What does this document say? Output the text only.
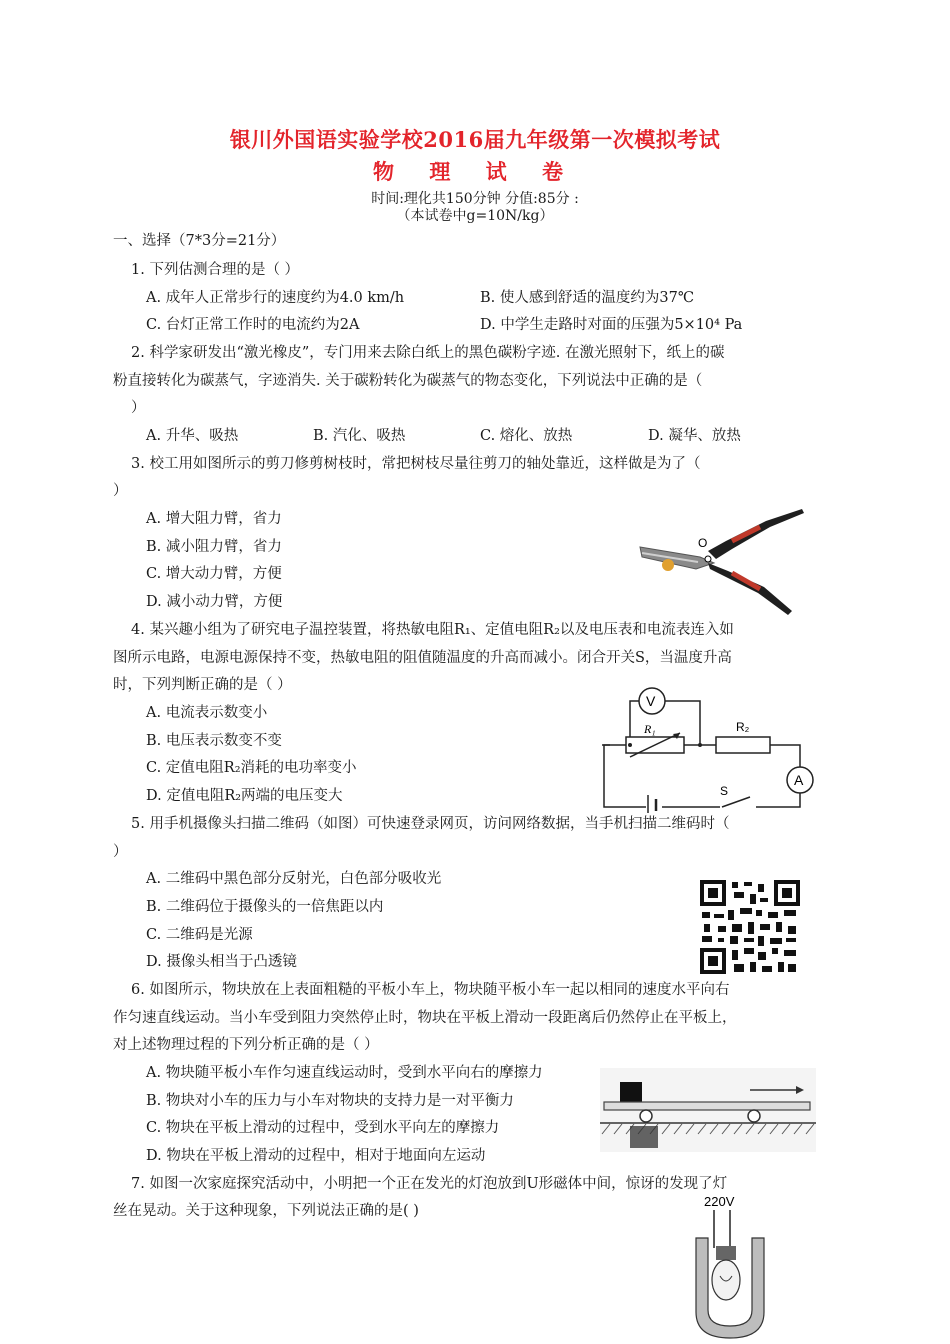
银川外国语实验学校2016届九年级第一次模拟考试
物 理 试 卷
时间:理化共150分钟 分值:85分 :
（本试卷中g=10N/kg）
一、选择（7*3分=21分）
1. 下列估测合理的是（ ）
A. 成年人正常步行的速度约为4.0 km/h	B. 使人感到舒适的温度约为37℃
C. 台灯正常工作时的电流约为2A	D. 中学生走路时对面的压强为5×10⁴ Pa
2. 科学家研发出“激光橡皮”，专门用来去除白纸上的黑色碳粉字迹. 在激光照射下，纸上的碳
粉直接转化为碳蒸气，字迹消失. 关于碳粉转化为碳蒸气的物态变化，下列说法中正确的是（
）
A. 升华、吸热	B. 汽化、吸热	C. 熔化、放热	D. 凝华、放热
3. 校工用如图所示的剪刀修剪树枝时，常把树枝尽量往剪刀的轴处靠近，这样做是为了（
）
A. 增大阻力臂，省力
B. 减小阻力臂，省力
C. 增大动力臂，方便
D. 减小动力臂，方便
O
4. 某兴趣小组为了研究电子温控装置，将热敏电阻R₁、定值电阻R₂以及电压表和电流表连入如
图所示电路，电源电源保持不变，热敏电阻的阻值随温度的升高而减小。闭合开关S，当温度升高
时，下列判断正确的是（ ）
A. 电流表示数变小
B. 电压表示数变不变
C. 定值电阻R₂消耗的电功率变小
D. 定值电阻R₂两端的电压变大
V
R₁	R₂
A
S
5. 用手机摄像头扫描二维码（如图）可快速登录网页，访问网络数据，当手机扫描二维码时（
）
A. 二维码中黑色部分反射光，白色部分吸收光
B. 二维码位于摄像头的一倍焦距以内
C. 二维码是光源
D. 摄像头相当于凸透镜
6. 如图所示，物块放在上表面粗糙的平板小车上，物块随平板小车一起以相同的速度水平向右
作匀速直线运动。当小车受到阻力突然停止时，物块在平板上滑动一段距离后仍然停止在平板上，
对上述物理过程的下列分析正确的是（ ）
A. 物块随平板小车作匀速直线运动时，受到水平向右的摩擦力
B. 物块对小车的压力与小车对物块的支持力是一对平衡力
C. 物块在平板上滑动的过程中，受到水平向左的摩擦力
D. 物块在平板上滑动的过程中，相对于地面向左运动
7. 如图一次家庭探究活动中，小明把一个正在发光的灯泡放到U形磁体中间，惊讶的发现了灯
丝在晃动。关于这种现象，下列说法正确的是( )
220V
